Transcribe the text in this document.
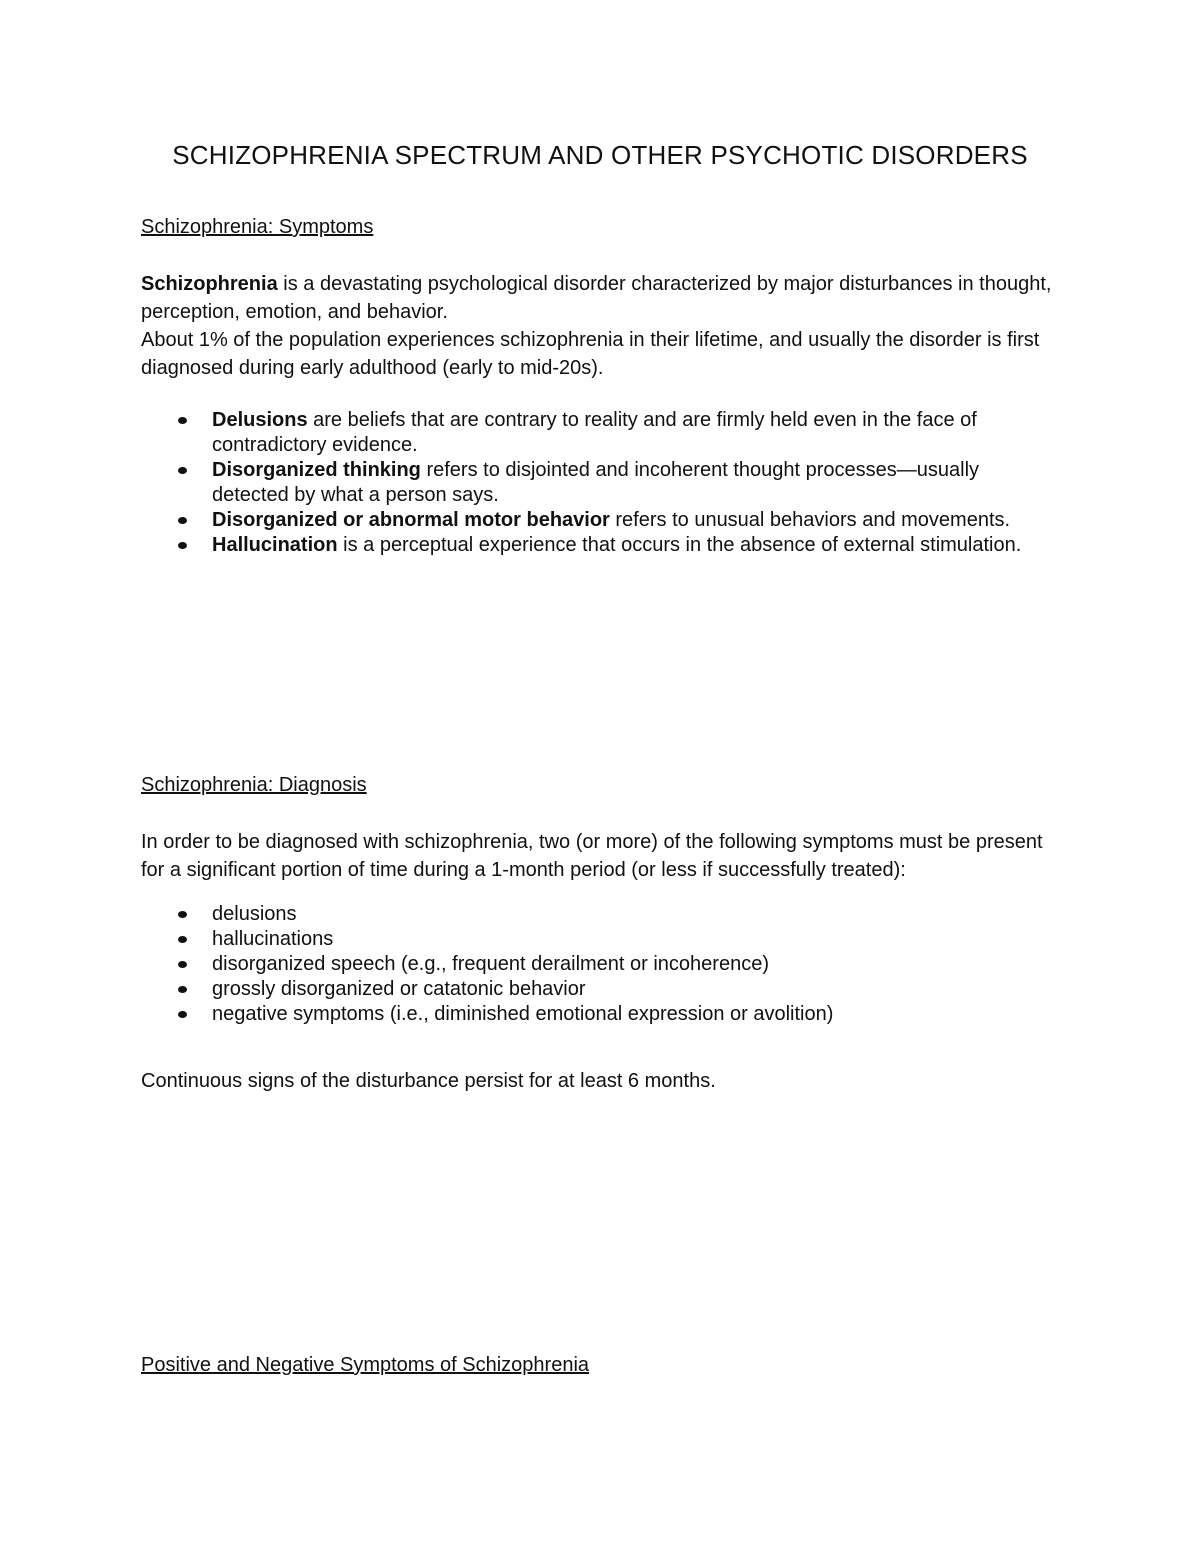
SCHIZOPHRENIA SPECTRUM AND OTHER PSYCHOTIC DISORDERS
Schizophrenia: Symptoms

Schizophrenia is a devastating psychological disorder characterized by major disturbances in thought, perception, emotion, and behavior.

About 1% of the population experiences schizophrenia in their lifetime, and usually the disorder is first diagnosed during early adulthood (early to mid-20s).

Delusions are beliefs that are contrary to reality and are firmly held even in the face of contradictory evidence.
Disorganized thinking refers to disjointed and incoherent thought processes—usually detected by what a person says.
Disorganized or abnormal motor behavior refers to unusual behaviors and movements.
Hallucination is a perceptual experience that occurs in the absence of external stimulation.
Schizophrenia: Diagnosis

In order to be diagnosed with schizophrenia, two (or more) of the following symptoms must be present for a significant portion of time during a 1-month period (or less if successfully treated):

delusions
hallucinations
disorganized speech (e.g., frequent derailment or incoherence)
grossly disorganized or catatonic behavior
negative symptoms (i.e., diminished emotional expression or avolition)

Continuous signs of the disturbance persist for at least 6 months.

Positive and Negative Symptoms of Schizophrenia
